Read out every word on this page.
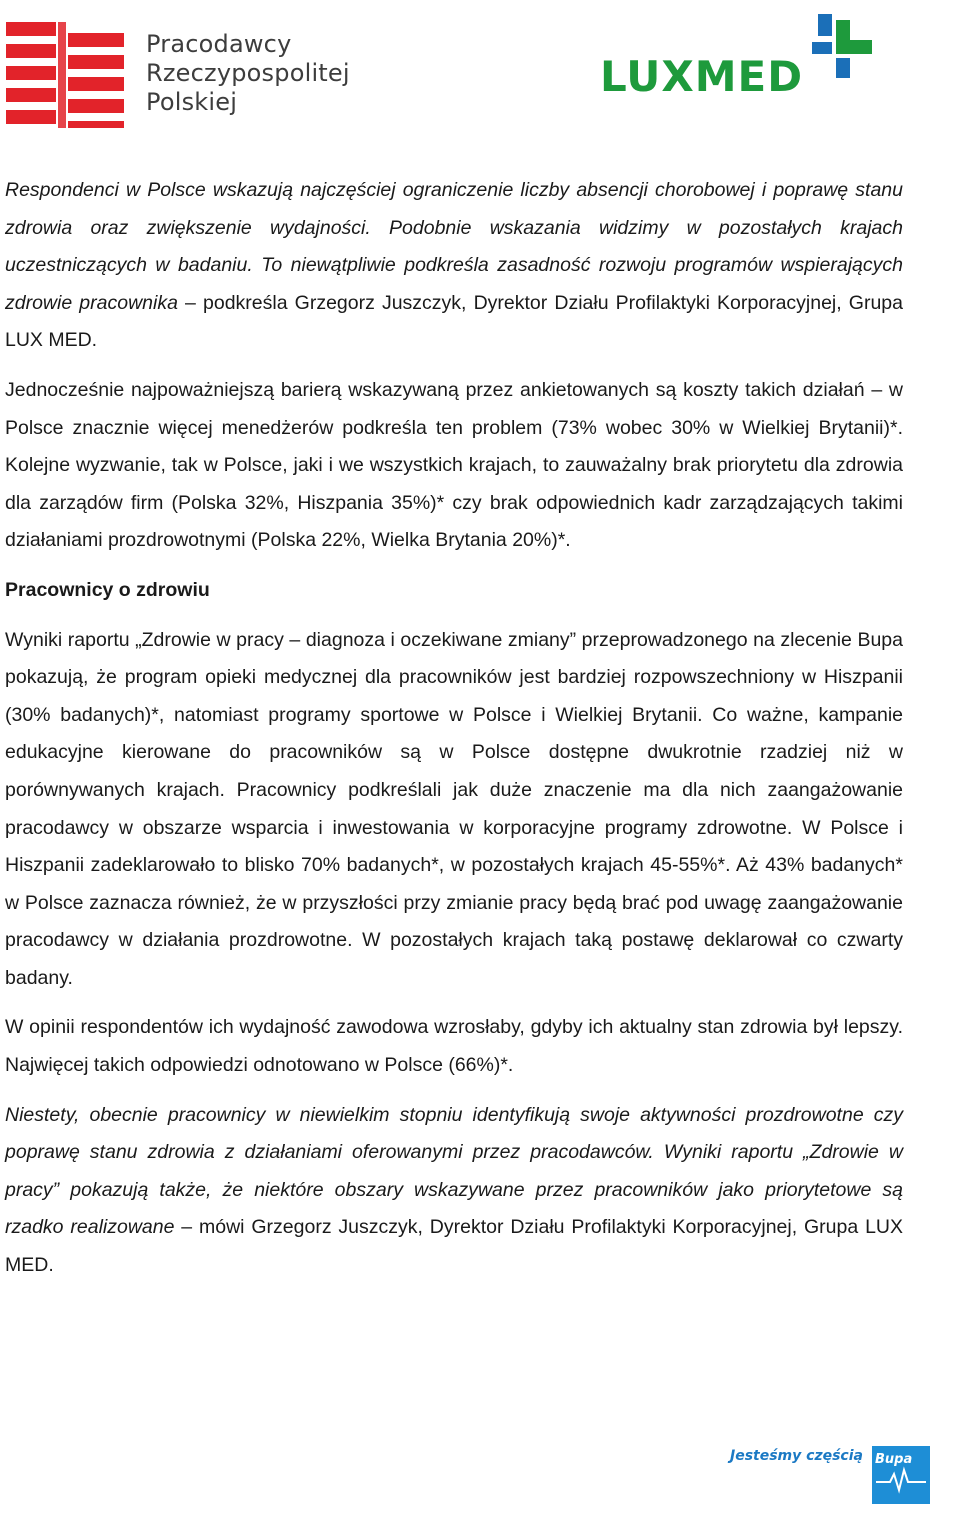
Pracodawcy
Rzeczypospolitej
Polskiej
LUXMED

Respondenci w Polsce wskazują najczęściej ograniczenie liczby absencji chorobowej i poprawę stanu zdrowia oraz zwiększenie wydajności. Podobnie wskazania widzimy w pozostałych krajach uczestniczących w badaniu. To niewątpliwie podkreśla zasadność rozwoju programów wspierających zdrowie pracownika – podkreśla Grzegorz Juszczyk, Dyrektor Działu Profilaktyki Korporacyjnej, Grupa LUX MED.

Jednocześnie najpoważniejszą barierą wskazywaną przez ankietowanych są koszty takich działań – w Polsce znacznie więcej menedżerów podkreśla ten problem (73% wobec 30% w Wielkiej Brytanii)*. Kolejne wyzwanie, tak w Polsce, jaki i we wszystkich krajach, to zauważalny brak priorytetu dla zdrowia dla zarządów firm (Polska 32%, Hiszpania 35%)* czy brak odpowiednich kadr zarządzających takimi działaniami prozdrowotnymi (Polska 22%, Wielka Brytania 20%)*.

Pracownicy o zdrowiu

Wyniki raportu „Zdrowie w pracy – diagnoza i oczekiwane zmiany” przeprowadzonego na zlecenie Bupa pokazują, że program opieki medycznej dla pracowników jest bardziej rozpowszechniony w Hiszpanii (30% badanych)*, natomiast programy sportowe w Polsce i Wielkiej Brytanii. Co ważne, kampanie edukacyjne kierowane do pracowników są w Polsce dostępne dwukrotnie rzadziej niż w porównywanych krajach. Pracownicy podkreślali jak duże znaczenie ma dla nich zaangażowanie pracodawcy w obszarze wsparcia i inwestowania w korporacyjne programy zdrowotne. W Polsce i Hiszpanii zadeklarowało to blisko 70% badanych*, w pozostałych krajach 45-55%*. Aż 43% badanych* w Polsce zaznacza również, że w przyszłości przy zmianie pracy będą brać pod uwagę zaangażowanie pracodawcy w działania prozdrowotne. W pozostałych krajach taką postawę deklarował co czwarty badany.

W opinii respondentów ich wydajność zawodowa wzrosłaby, gdyby ich aktualny stan zdrowia był lepszy. Najwięcej takich odpowiedzi odnotowano w Polsce (66%)*.

Niestety, obecnie pracownicy w niewielkim stopniu identyfikują swoje aktywności prozdrowotne czy poprawę stanu zdrowia z działaniami oferowanymi przez pracodawców. Wyniki raportu „Zdrowie w pracy” pokazują także, że niektóre obszary wskazywane przez pracowników jako priorytetowe są rzadko realizowane – mówi Grzegorz Juszczyk, Dyrektor Działu Profilaktyki Korporacyjnej, Grupa LUX MED.

Jesteśmy częścią Bupa
